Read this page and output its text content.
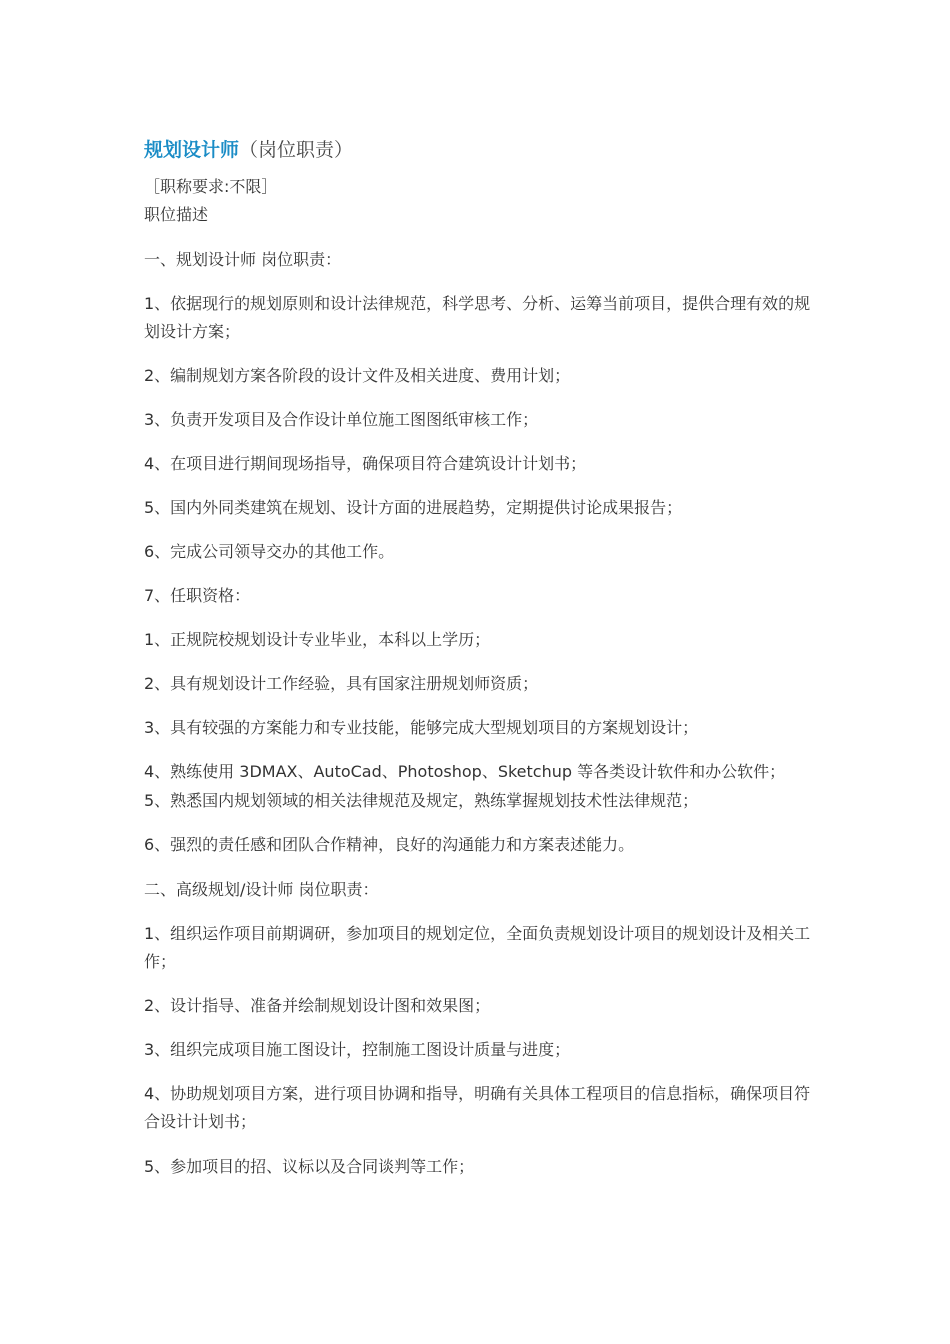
规划设计师（岗位职责）
［职称要求:不限］
职位描述
一、规划设计师 岗位职责：
1、依据现行的规划原则和设计法律规范，科学思考、分析、运筹当前项目，提供合理有效的规划设计方案；
2、编制规划方案各阶段的设计文件及相关进度、费用计划；
3、负责开发项目及合作设计单位施工图图纸审核工作；
4、在项目进行期间现场指导，确保项目符合建筑设计计划书；
5、国内外同类建筑在规划、设计方面的进展趋势，定期提供讨论成果报告；
6、完成公司领导交办的其他工作。
7、任职资格：
1、正规院校规划设计专业毕业，本科以上学历；
2、具有规划设计工作经验，具有国家注册规划师资质；
3、具有较强的方案能力和专业技能，能够完成大型规划项目的方案规划设计；
4、熟练使用 3DMAX、AutoCad、Photoshop、Sketchup 等各类设计软件和办公软件；
5、熟悉国内规划领域的相关法律规范及规定，熟练掌握规划技术性法律规范；
6、强烈的责任感和团队合作精神，良好的沟通能力和方案表述能力。
二、高级规划/设计师 岗位职责：
1、组织运作项目前期调研，参加项目的规划定位，全面负责规划设计项目的规划设计及相关工作；
2、设计指导、准备并绘制规划设计图和效果图；
3、组织完成项目施工图设计，控制施工图设计质量与进度；
4、协助规划项目方案，进行项目协调和指导，明确有关具体工程项目的信息指标，确保项目符合设计计划书；
5、参加项目的招、议标以及合同谈判等工作；
